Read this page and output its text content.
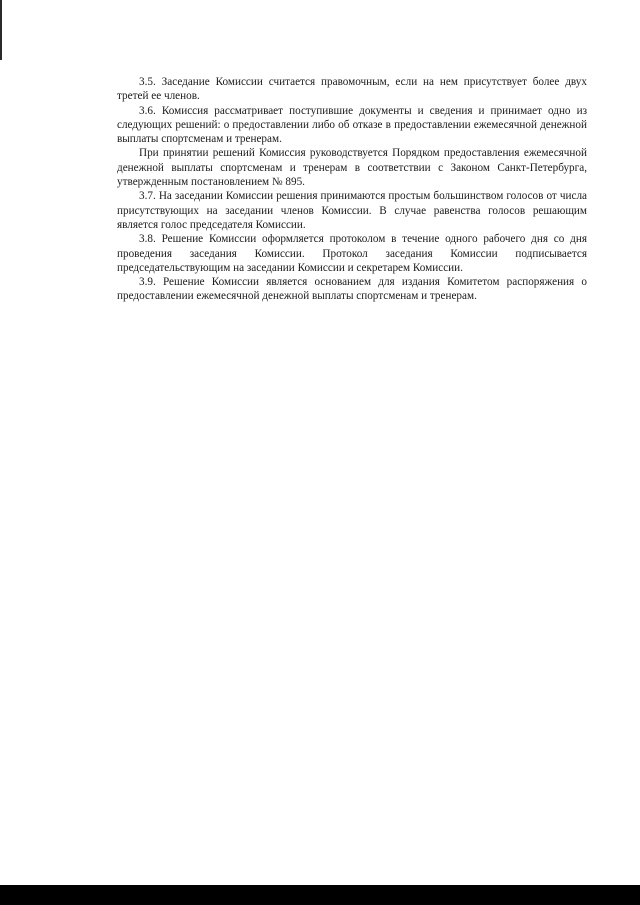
3.5. Заседание Комиссии считается правомочным, если на нем присутствует более двух третей ее членов.

3.6. Комиссия рассматривает поступившие документы и сведения и принимает одно из следующих решений: о предоставлении либо об отказе в предоставлении ежемесячной денежной выплаты спортсменам и тренерам.

При принятии решений Комиссия руководствуется Порядком предоставления ежемесячной денежной выплаты спортсменам и тренерам в соответствии с Законом Санкт-Петербурга, утвержденным постановлением № 895.

3.7. На заседании Комиссии решения принимаются простым большинством голосов от числа присутствующих на заседании членов Комиссии. В случае равенства голосов решающим является голос председателя Комиссии.

3.8. Решение Комиссии оформляется протоколом в течение одного рабочего дня со дня проведения заседания Комиссии. Протокол заседания Комиссии подписывается председательствующим на заседании Комиссии и секретарем Комиссии.

3.9. Решение Комиссии является основанием для издания Комитетом распоряжения о предоставлении ежемесячной денежной выплаты спортсменам и тренерам.
